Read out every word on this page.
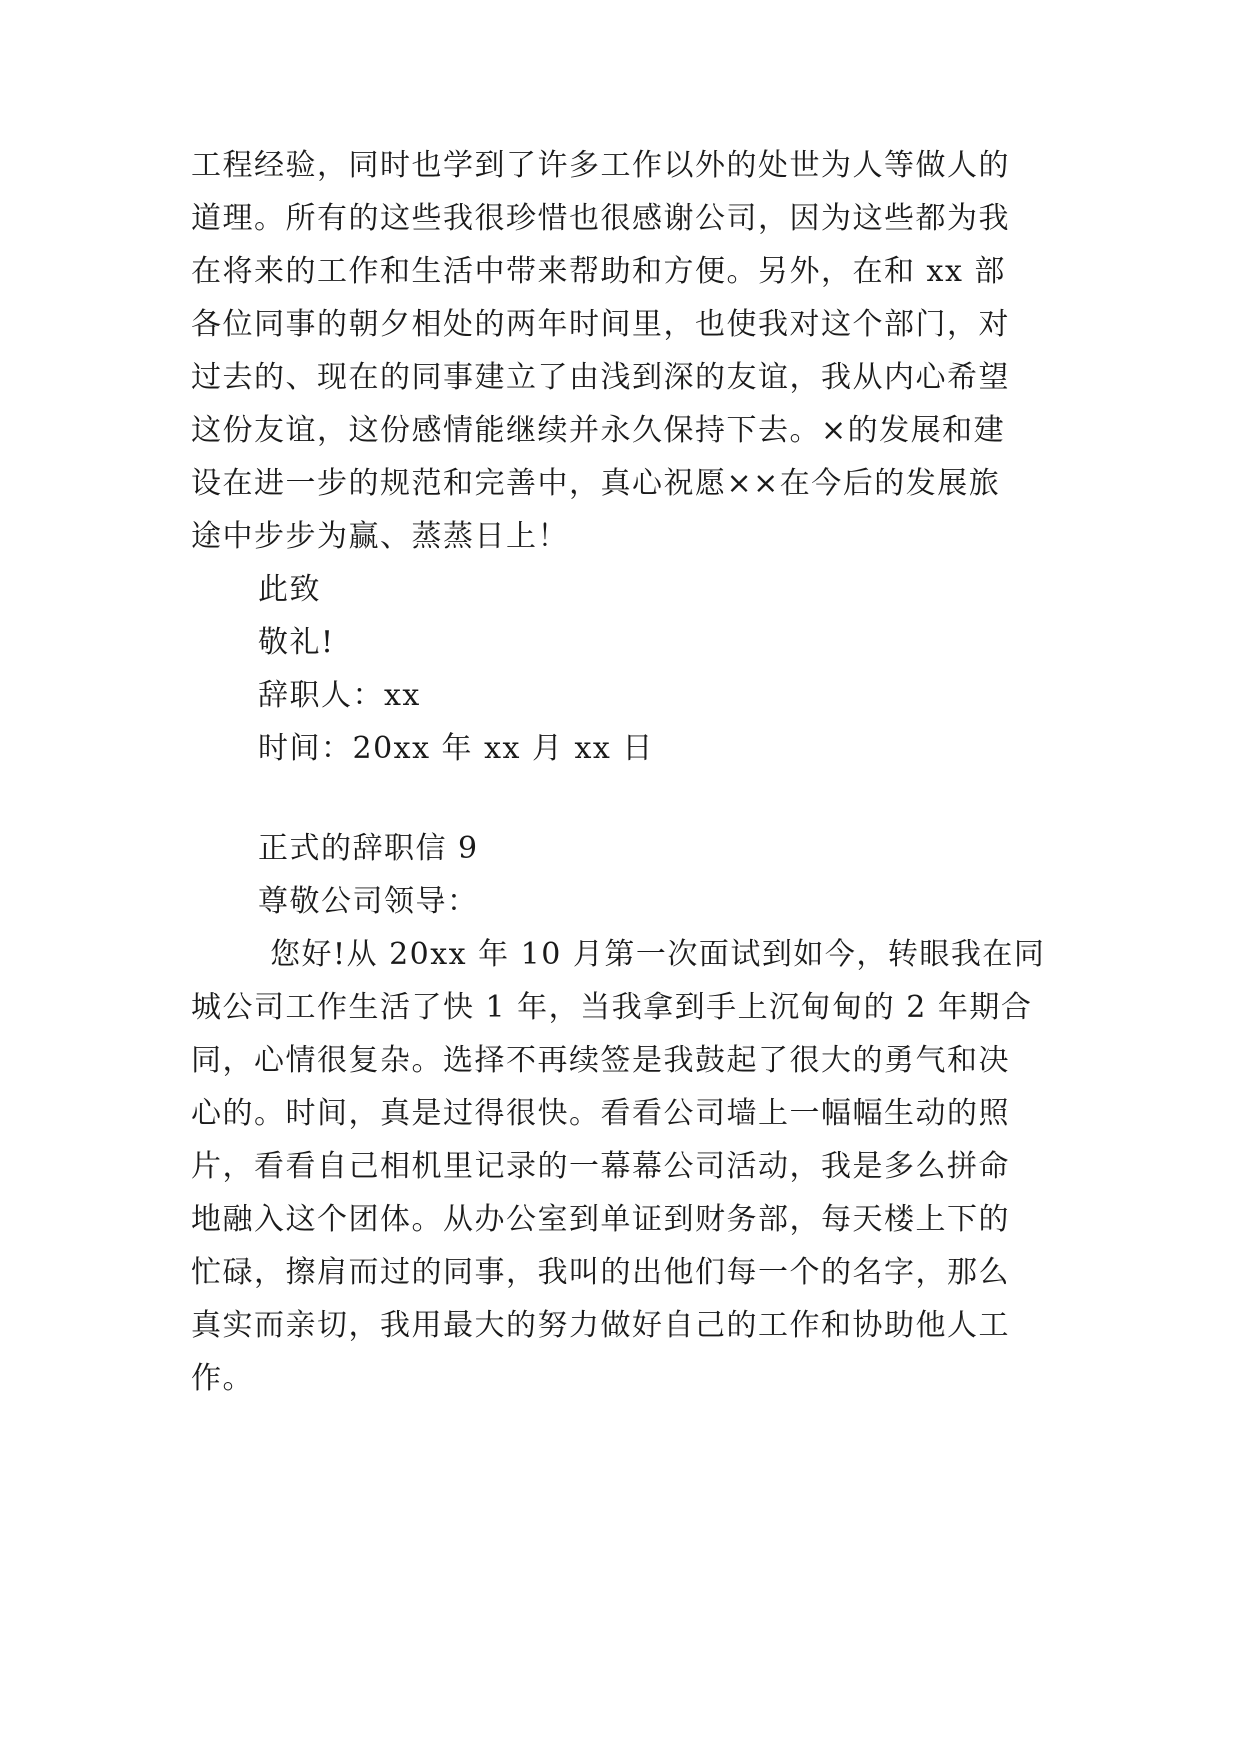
工程经验，同时也学到了许多工作以外的处世为人等做人的
道理。所有的这些我很珍惜也很感谢公司，因为这些都为我
在将来的工作和生活中带来帮助和方便。另外，在和 xx 部
各位同事的朝夕相处的两年时间里，也使我对这个部门，对
过去的、现在的同事建立了由浅到深的友谊，我从内心希望
这份友谊，这份感情能继续并永久保持下去。×的发展和建
设在进一步的规范和完善中，真心祝愿××在今后的发展旅
途中步步为赢、蒸蒸日上！
此致
敬礼!
辞职人：xx
时间：20xx 年 xx 月 xx 日
正式的辞职信 9
尊敬公司领导：
您好!从 20xx 年 10 月第一次面试到如今，转眼我在同
城公司工作生活了快 1 年，当我拿到手上沉甸甸的 2 年期合
同，心情很复杂。选择不再续签是我鼓起了很大的勇气和决
心的。时间，真是过得很快。看看公司墙上一幅幅生动的照
片，看看自己相机里记录的一幕幕公司活动，我是多么拼命
地融入这个团体。从办公室到单证到财务部，每天楼上下的
忙碌，擦肩而过的同事，我叫的出他们每一个的名字，那么
真实而亲切，我用最大的努力做好自己的工作和协助他人工
作。
